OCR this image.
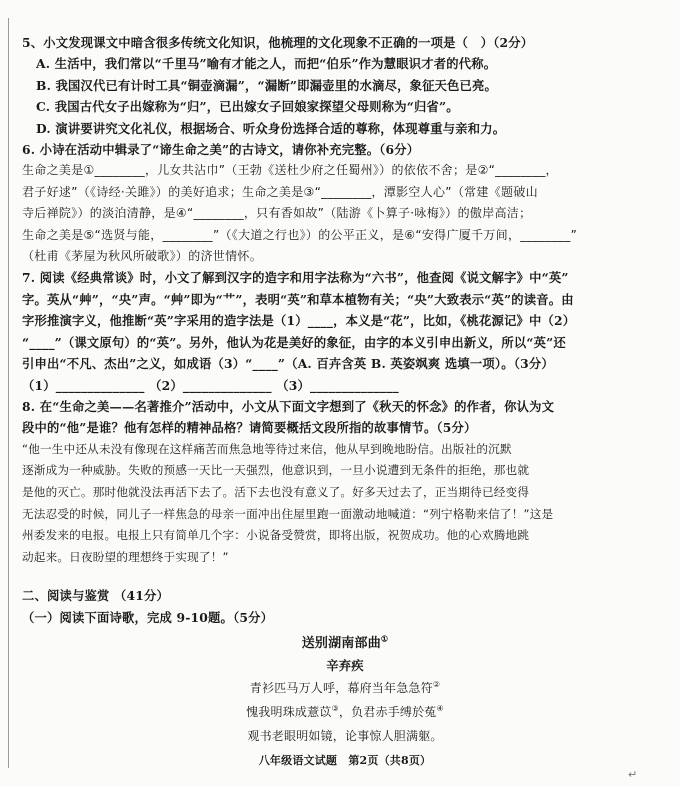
5、小文发现课文中暗含很多传统文化知识，他梳理的文化现象不正确的一项是（　）（2分）
A. 生活中，我们常以“千里马”喻有才能之人，而把“伯乐”作为慧眼识才者的代称。
B. 我国汉代已有计时工具“铜壶滴漏”，“漏断”即漏壶里的水滴尽，象征天色已亮。
C. 我国古代女子出嫁称为“归”，已出嫁女子回娘家探望父母则称为“归省”。
D. 演讲要讲究文化礼仪，根据场合、听众身份选择合适的尊称，体现尊重与亲和力。
6. 小诗在活动中辑录了“谛生命之美”的古诗文，请你补充完整。（6分）
生命之美是①________，儿女共沾巾”（王勃《送杜少府之任蜀州》）的依依不舍；是②“________，
君子好逑”（《诗经·关雎》）的美好追求；生命之美是③“________，潭影空人心”（常建《题破山
寺后禅院》）的淡泊清静，是④“________，只有香如故”（陆游《卜算子·咏梅》）的傲岸高洁；
生命之美是⑤“选贤与能，________”（《大道之行也》）的公平正义，是⑥“安得广厦千万间，________”
（杜甫《茅屋为秋风所破歌》）的济世情怀。
7. 阅读《经典常谈》时，小文了解到汉字的造字和用字法称为“六书”，他查阅《说文解字》中“英”
字。英从“艸”，“央”声。“艸”即为“艹”，表明“英”和草本植物有关；“央”大致表示“英”的读音。由
字形推演字义，他推断“英”字采用的造字法是（1）____，本义是“花”，比如，《桃花源记》中（2）
“____”（课文原句）的“英”。另外，他认为花是美好的象征，由字的本义引申出新义，所以“英”还
引申出“不凡、杰出”之义，如成语（3）“____”（A. 百卉含英 B. 英姿飒爽 选填一项）。（3分）
（1）______________ （2）______________ （3）______________
8. 在“生命之美——名著推介”活动中，小文从下面文字想到了《秋天的怀念》的作者，你认为文
段中的“他”是谁？他有怎样的精神品格？请简要概括文段所指的故事情节。（5分）
“他一生中还从未没有像现在这样痛苦而焦急地等待过来信，他从早到晚地盼信。出版社的沉默
逐渐成为一种威胁。失败的预感一天比一天强烈，他意识到，一旦小说遭到无条件的拒绝，那也就
是他的灭亡。那时他就没法再活下去了。活下去也没有意义了。好多天过去了，正当期待已经变得
无法忍受的时候，同儿子一样焦急的母亲一面冲出住屋里跑一面激动地喊道：“列宁格勒来信了！”这是
州委发来的电报。电报上只有简单几个字：小说备受赞赏，即将出版，祝贺成功。他的心欢腾地跳
动起来。日夜盼望的理想终于实现了！”
二、阅读与鉴赏 （41分）
（一）阅读下面诗歌，完成 9-10题。（5分）
送别湖南部曲①
辛弃疾
青衫匹马万人呼，幕府当年急急符②
愧我明珠成薏苡③，负君赤手缚於菟④
观书老眼明如镜，论事惊人胆满躯。
八年级语文试题　第2页（共8页）
↵
